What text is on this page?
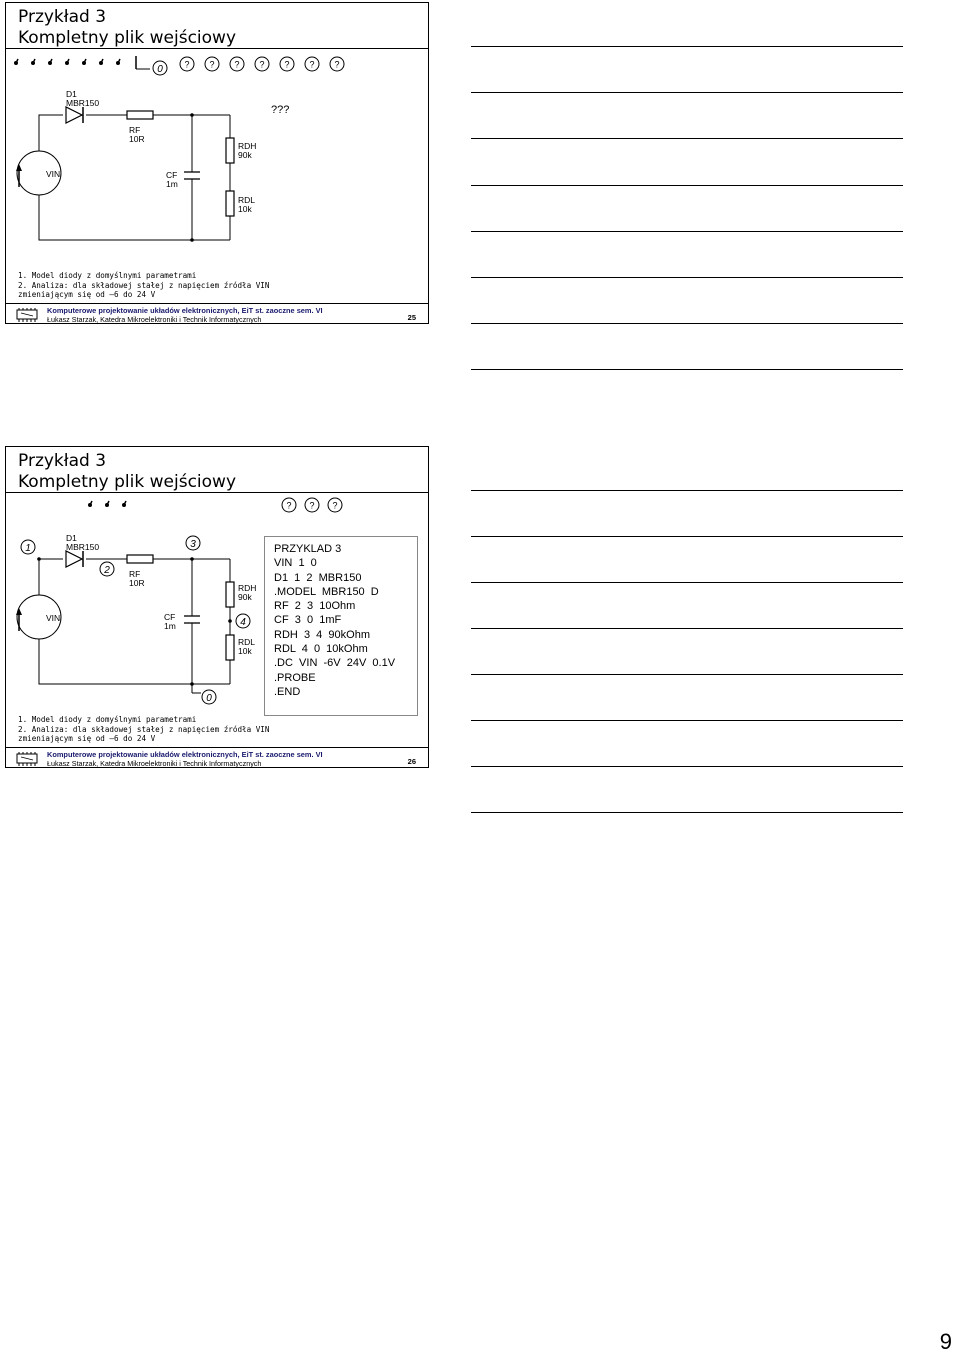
Przykład 3
Kompletny plik wejściowy
0 ? ? ? ? ? ? ?
???
D1
MBR150
RF
10R
CF
1m
RDH
90k
RDL
10k
VIN
1. Model diody z domyślnymi parametrami
2. Analiza: dla składowej stałej z napięciem źródła VIN
zmieniającym się od –6 do 24 V
Komputerowe projektowanie układów elektronicznych, EiT st. zaoczne sem. VI
Łukasz Starzak, Katedra Mikroelektroniki i Technik Informatycznych	25
Przykład 3
Kompletny plik wejściowy
? ? ?
1
2
3
4
0
D1
MBR150
RF
10R
CF
1m
RDH
90k
RDL
10k
VIN
PRZYKLAD 3
VIN  1  0
D1  1  2  MBR150
.MODEL  MBR150  D
RF  2  3  10Ohm
CF  3  0  1mF
RDH  3  4  90kOhm
RDL  4  0  10kOhm
.DC  VIN  -6V  24V  0.1V
.PROBE
.END
1. Model diody z domyślnymi parametrami
2. Analiza: dla składowej stałej z napięciem źródła VIN
zmieniającym się od –6 do 24 V
Komputerowe projektowanie układów elektronicznych, EiT st. zaoczne sem. VI
Łukasz Starzak, Katedra Mikroelektroniki i Technik Informatycznych	26
9
